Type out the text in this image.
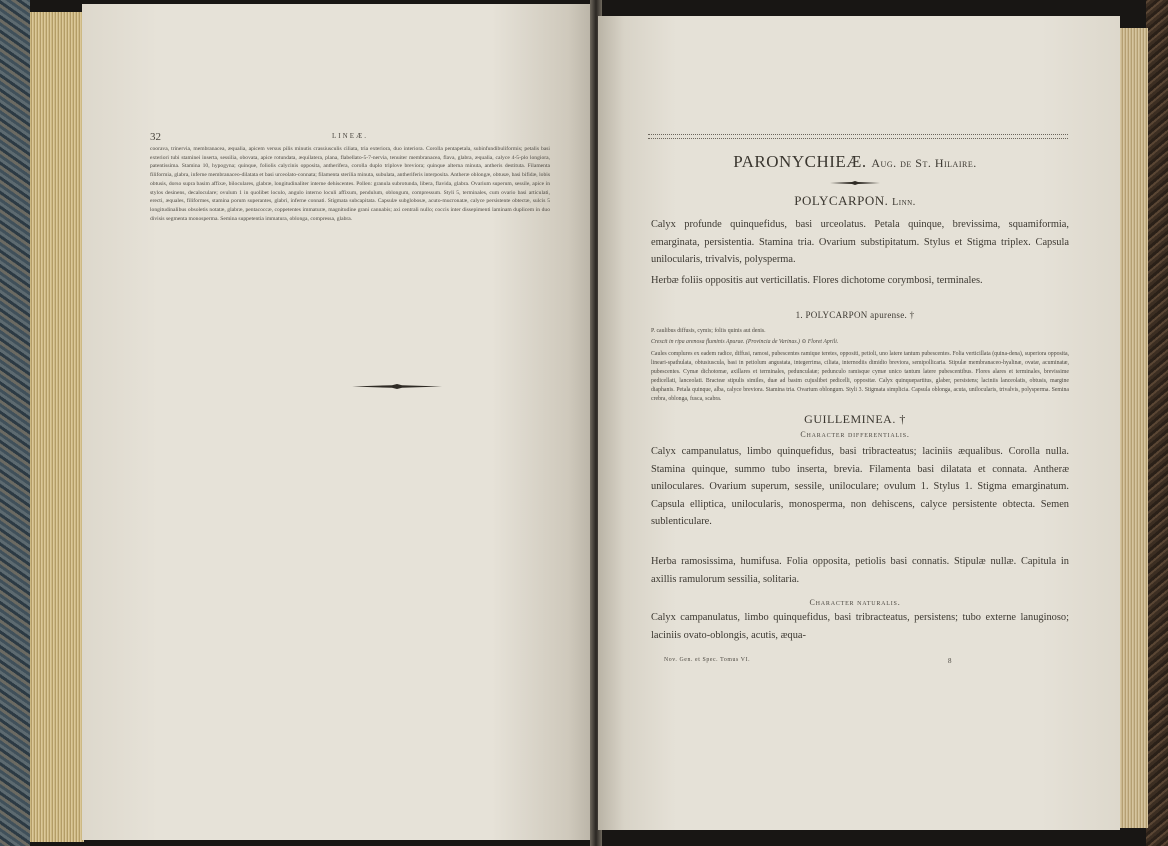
32	LINEÆ.
coorava, trinervia, membranacea, æqualia, apicem versus pilis minutis crassiusculis ciliata, tria exteriora, duo interiora. Corolla pentapetala, subinfundibuliformis; petalis basi exteriori tubi staminei inserta, sessilia, obovata, apice rotundata, æquilatera, plana, flabellato-5-7-nervia, tenuiter membranacea, flava, glabra, æqualia, calyce 4-5-plo longiora, patentissima. Stamina 10, hypogyna; quinque, foliolis calycinis opposita, antherifera, corolla duplo triplove breviora; quinque alterna minuta, antheris destituta. Filamenta filiformia, glabra, inferne membranaceo-dilatata et basi urceolato-connata; filamenta sterilia minuta, subulata, antheriferis interposita. Antheræ oblongæ, obtusæ, basi bifidæ, lobis obtusis, dorso supra basim affixæ, biloculares, glabræ, longitudinaliter interne dehiscentes. Pollen: granula subrotunda, libera, flavida, glabra. Ovarium superum, sessile, apice in stylos desinens, decaloculare; ovulum 1 in quolibet loculo, angulo interno loculi affixum, pendulum, oblongum, compressum. Styli 5, terminales, cum ovario basi articulati, erecti, æquales, filiformes, stamina porum superantes, glabri, inferne connati. Stigmata subcapitata. Capsulæ subglobosæ, acuto-mucronatæ, calyce persistente obtectæ, sulcis 5 longitudinalibus obsoletis notatæ, glabræ, pentacoccæ, coppetentes immaturæ, magnitudine grani cannabis; axi centrali nullo; coccis inter dissepimenti laminam duplicem in duo divisis segmenta monosperma. Semina suppetentia immatura, oblonga, compressa, glabra.
PARONYCHIEÆ. Aug. de St. Hilaire.
POLYCARPON. Linn.
Calyx profunde quinquefidus, basi urceolatus. Petala quinque, brevissima, squamiformia, emarginata, persistentia. Stamina tria. Ovarium substipitatum. Stylus et Stigma triplex. Capsula unilocularis, trivalvis, polysperma.
Herbæ foliis oppositis aut verticillatis. Flores dichotome corymbosi, terminales.
1. POLYCARPON apurense. †
P. caulibus diffusis, cymis; foliis quinis aut denis.
Crescit in ripa arenosa fluminis Apurae. (Provincia de Varinas.) ⊙ Floret Aprili.
Caules complures ex eadem radice, diffusi, ramosi, pubescentes ramique teretes, oppositi, petioli, uno latere tantum pubescentes. Folia verticillata (quina-dena), superiora opposita, lineari-spathulata, obtusiuscula, basi in petiolum angustata, integerrima, ciliata, internodiis dimidio breviora, semipollicaria. Stipulæ membranaceo-hyalinæ, ovatæ, acuminatæ, pubescentes. Cymæ dichotomæ, axillares et terminales, pedunculatæ; pedunculo ramisque cymæ unico tantum latere pubescentibus. Flores alares et terminales, brevissime pedicellati, lanceolati. Bracteæ stipulis similes, duæ ad basim cujuslibet pedicelli, oppositæ. Calyx quinquepartitus, glaber, persistens; laciniis lanceolatis, obtusis, margine diaphanis. Petala quinque, alba, calyce breviora. Stamina tria. Ovarium oblongum. Styli 3. Stigmata simplicia. Capsula oblonga, acuta, unilocularis, trivalvis, polysperma. Semina crebra, oblonga, fusca, scabra.
GUILLEMINEA. †
Character differentialis.
Calyx campanulatus, limbo quinquefidus, basi tribracteatus; laciniis æqualibus. Corolla nulla. Stamina quinque, summo tubo inserta, brevia. Filamenta basi dilatata et connata. Antheræ uniloculares. Ovarium superum, sessile, uniloculare; ovulum 1. Stylus 1. Stigma emarginatum. Capsula elliptica, unilocularis, monosperma, non dehiscens, calyce persistente obtecta. Semen sublenticulare.
Herba ramosissima, humifusa. Folia opposita, petiolis basi connatis. Stipulæ nullæ. Capitula in axillis ramulorum sessilia, solitaria.
Character naturalis.
Calyx campanulatus, limbo quinquefidus, basi tribracteatus, persistens; tubo externe lanuginoso; laciniis ovato-oblongis, acutis, æqua-
Nov. Gen. et Spec. Tomus VI.	8
